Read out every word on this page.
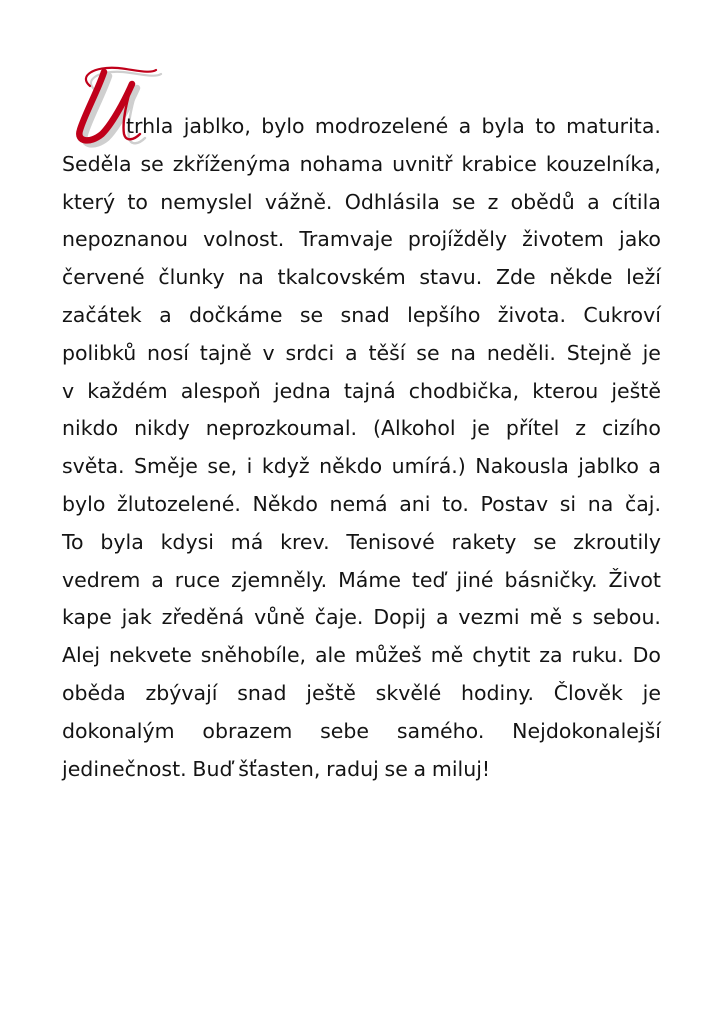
trhla jablko, bylo modrozelené a byla to maturita.
Seděla se zkříženýma nohama uvnitř krabice kouzelníka,
který to nemyslel vážně. Odhlásila se z obědů a cítila
nepoznanou volnost. Tramvaje projížděly životem jako
červené člunky na tkalcovském stavu. Zde někde leží
začátek a dočkáme se snad lepšího života. Cukroví
polibků nosí tajně v srdci a těší se na neděli. Stejně je
v každém alespoň jedna tajná chodbička, kterou ještě
nikdo nikdy neprozkoumal. (Alkohol je přítel z cizího
světa. Směje se, i když někdo umírá.) Nakousla jablko a
bylo žlutozelené. Někdo nemá ani to. Postav si na čaj.
To byla kdysi má krev. Tenisové rakety se zkroutily
vedrem a ruce zjemněly. Máme teď jiné básničky. Život
kape jak zředěná vůně čaje. Dopij a vezmi mě s sebou.
Alej nekvete sněhobíle, ale můžeš mě chytit za ruku. Do
oběda zbývají snad ještě skvělé hodiny. Člověk je
dokonalým obrazem sebe samého. Nejdokonalejší
jedinečnost. Buď šťasten, raduj se a miluj!
